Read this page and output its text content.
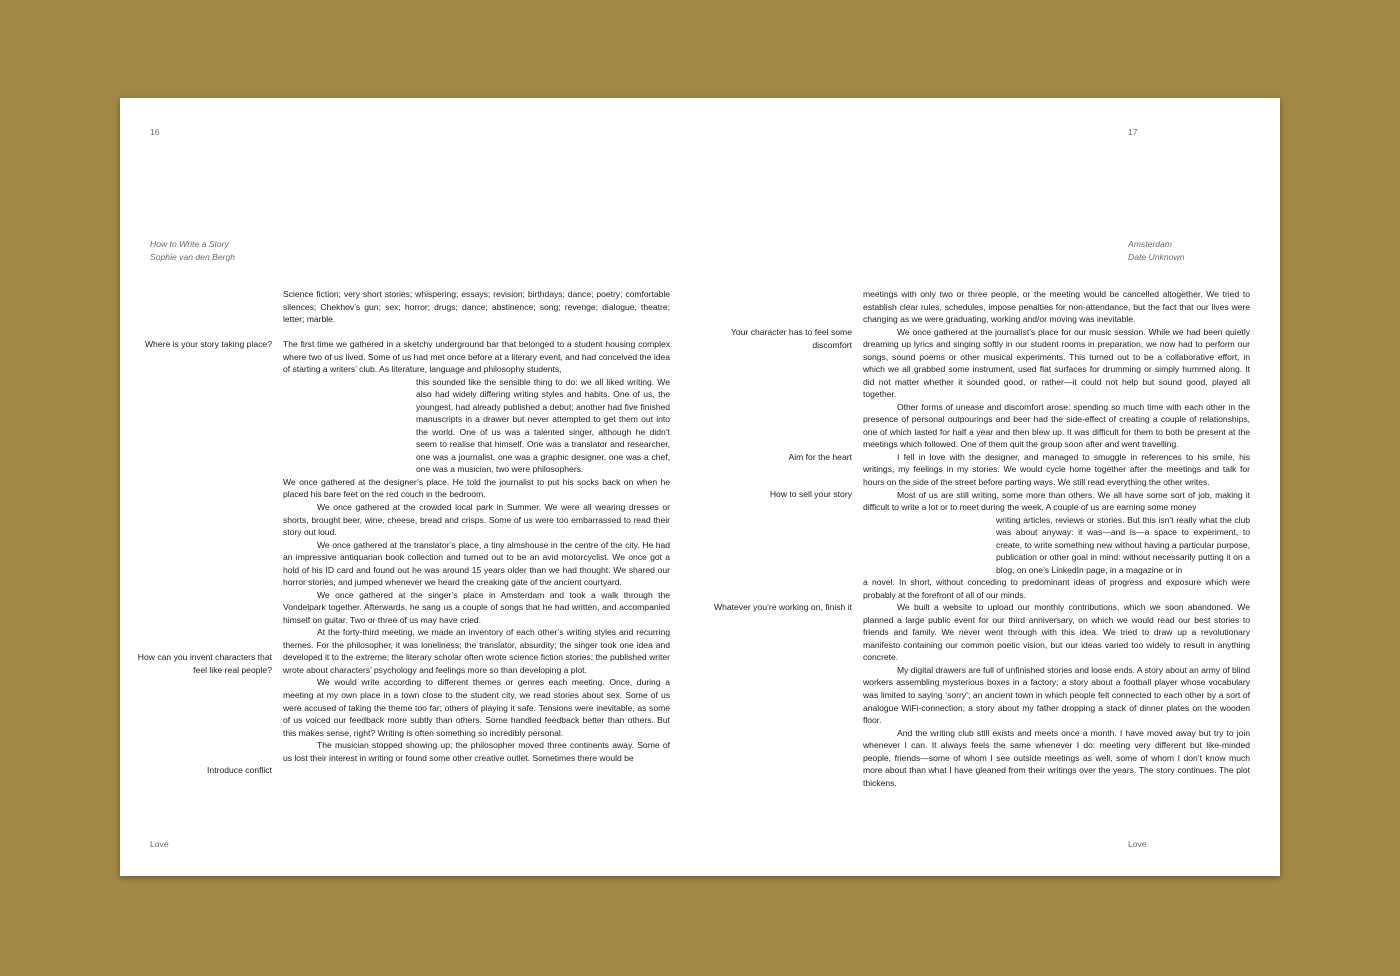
16
How to Write a Story
Sophie van den Bergh
Where is your story taking place?
How can you invent characters that feel like real people?
Introduce conflict

Science fiction; very short stories; whispering; essays; revision; birthdays; dance; poetry; comfortable silences; Chekhov’s gun; sex; horror; drugs; dance; abstinence; song; revenge; dialogue; theatre; letter; marble.

The first time we gathered in a sketchy underground bar that belonged to a student housing complex where two of us lived. Some of us had met once before at a literary event, and had conceived the idea of starting a writers’ club. As literature, language and philosophy students,

this sounded like the sensible thing to do: we all liked writing. We also had widely differing writing styles and habits. One of us, the youngest, had already published a debut; another had five finished manuscripts in a drawer but never attempted to get them out into the world. One of us was a talented singer, although he didn’t seem to realise that himself. One was a translator and researcher, one was a journalist, one was a graphic designer, one was a chef, one was a musician, two were philosophers.

We once gathered at the designer’s place. He told the journalist to put his socks back on when he placed his bare feet on the red couch in the bedroom.

We once gathered at the crowded local park in Summer. We were all wearing dresses or shorts, brought beer, wine, cheese, bread and crisps. Some of us were too embarrassed to read their story out loud.

We once gathered at the translator’s place, a tiny almshouse in the centre of the city. He had an impressive antiquarian book collection and turned out to be an avid motorcyclist. We once got a hold of his ID card and found out he was around 15 years older than we had thought. We shared our horror stories, and jumped whenever we heard the creaking gate of the ancient courtyard.

We once gathered at the singer’s place in Amsterdam and took a walk through the Vondelpark together. Afterwards, he sang us a couple of songs that he had written, and accompanied himself on guitar. Two or three of us may have cried.

At the forty-third meeting, we made an inventory of each other’s writing styles and recurring themes. For the philosopher, it was loneliness; the translator, absurdity; the singer took one idea and developed it to the extreme; the literary scholar often wrote science fiction stories; the published writer wrote about characters’ psychology and feelings more so than developing a plot.

We would write according to different themes or genres each meeting. Once, during a meeting at my own place in a town close to the student city, we read stories about sex. Some of us were accused of taking the theme too far; others of playing it safe. Tensions were inevitable, as some of us voiced our feedback more subtly than others. Some handled feedback better than others. But this makes sense, right? Writing is often something so incredibly personal.

The musician stopped showing up; the philosopher moved three continents away. Some of us lost their interest in writing or found some other creative outlet. Sometimes there would be

Love
17
Amsterdam
Date Unknown
Your character has to feel some discomfort
Aim for the heart
How to sell your story
Whatever you’re working on, finish it

meetings with only two or three people, or the meeting would be cancelled altogether. We tried to establish clear rules, schedules, impose penalties for non-attendance, but the fact that our lives were changing as we were graduating, working and/or moving was inevitable.

We once gathered at the journalist’s place for our music session. While we had been quietly dreaming up lyrics and singing softly in our student rooms in preparation, we now had to perform our songs, sound poems or other musical experiments. This turned out to be a collaborative effort, in which we all grabbed some instrument, used flat surfaces for drumming or simply hummed along. It did not matter whether it sounded good, or rather—it could not help but sound good, played all together.

Other forms of unease and discomfort arose: spending so much time with each other in the presence of personal outpourings and beer had the side-effect of creating a couple of relationships, one of which lasted for half a year and then blew up. It was difficult for them to both be present at the meetings which followed. One of them quit the group soon after and went travelling.

I fell in love with the designer, and managed to smuggle in references to his smile, his writings, my feelings in my stories. We would cycle home together after the meetings and talk for hours on the side of the street before parting ways. We still read everything the other writes.

Most of us are still writing, some more than others. We all have some sort of job, making it difficult to write a lot or to meet during the week. A couple of us are earning some money

writing articles, reviews or stories. But this isn’t really what the club was about anyway: it was—and is—a space to experiment, to create, to write something new without having a particular purpose, publication or other goal in mind: without necessarily putting it on a blog, on one’s LinkedIn page, in a magazine or in

a novel. In short, without conceding to predominant ideas of progress and exposure which were probably at the forefront of all of our minds.

We built a website to upload our monthly contributions, which we soon abandoned. We planned a large public event for our third anniversary, on which we would read our best stories to friends and family. We never went through with this idea. We tried to draw up a revolutionary manifesto containing our common poetic vision, but our ideas varied too widely to result in anything concrete.

My digital drawers are full of unfinished stories and loose ends. A story about an army of blind workers assembling mysterious boxes in a factory; a story about a football player whose vocabulary was limited to saying ‘sorry’; an ancient town in which people felt connected to each other by a sort of analogue WiFi-connection; a story about my father dropping a stack of dinner plates on the wooden floor.

And the writing club still exists and meets once a month. I have moved away but try to join whenever I can. It always feels the same whenever I do: meeting very different but like-minded people, friends—some of whom I see outside meetings as well, some of whom I don’t know much more about than what I have gleaned from their writings over the years. The story continues. The plot thickens.

Love
